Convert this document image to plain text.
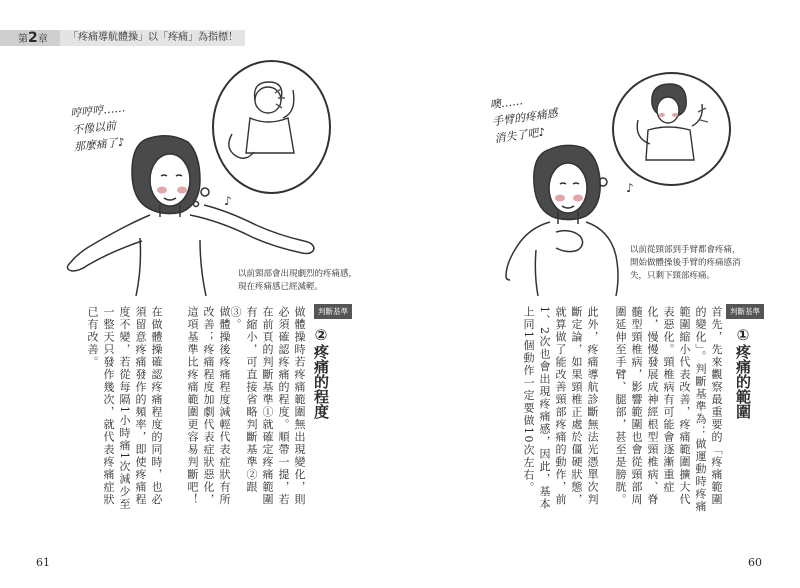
第2章	「疼痛導航體操」以「疼痛」為指標！
哼哼哼……
不像以前
那麼痛了♪
♪
以前頸部會出現劇烈的疼痛感，
現在疼痛感已經減輕。
判斷基準
②疼痛的程度
做體操時若疼痛範圍無出現變化，則必須確認疼痛的程度。順帶一提，若在前頁的判斷基準①就確定疼痛範圍有縮小，可直接省略判斷基準②跟③。
做體操後疼痛程度減輕代表症狀有所改善；疼痛程度加劇代表症狀惡化，這項基準比疼痛範圍更容易判斷吧！
在做體操確認疼痛程度的同時，也必須留意疼痛發作的頻率，即使疼痛程度不變，若從每隔1小時痛1次減少至一整天只發作幾次，就代表疼痛症狀已有改善。
61
噢……
手臂的疼痛感
消失了吧♪
♪
以前從頸部到手臂都會疼痛，
開始做體操後手臂的疼痛感消
失，只剩下頸部疼痛。
判斷基準
①疼痛的範圍
首先，先來觀察最重要的「疼痛範圍的變化」。判斷基準為：做運動時疼痛範圍縮小代表改善，疼痛範圍擴大代表惡化。頸椎病有可能會逐漸重症化，慢慢發展成神經根型頸椎病、脊髓型頸椎病，影響範圍也會從頸部周圍延伸至手臂、腿部，甚至是膀胱。
此外，疼痛導航診斷無法光憑單次判斷定論，如果頸椎正處於僵硬狀態，就算做了能改善頸部疼痛的動作，前1、2次也會出現疼痛感，因此，基本上同1個動作一定要做10次左右。
60
